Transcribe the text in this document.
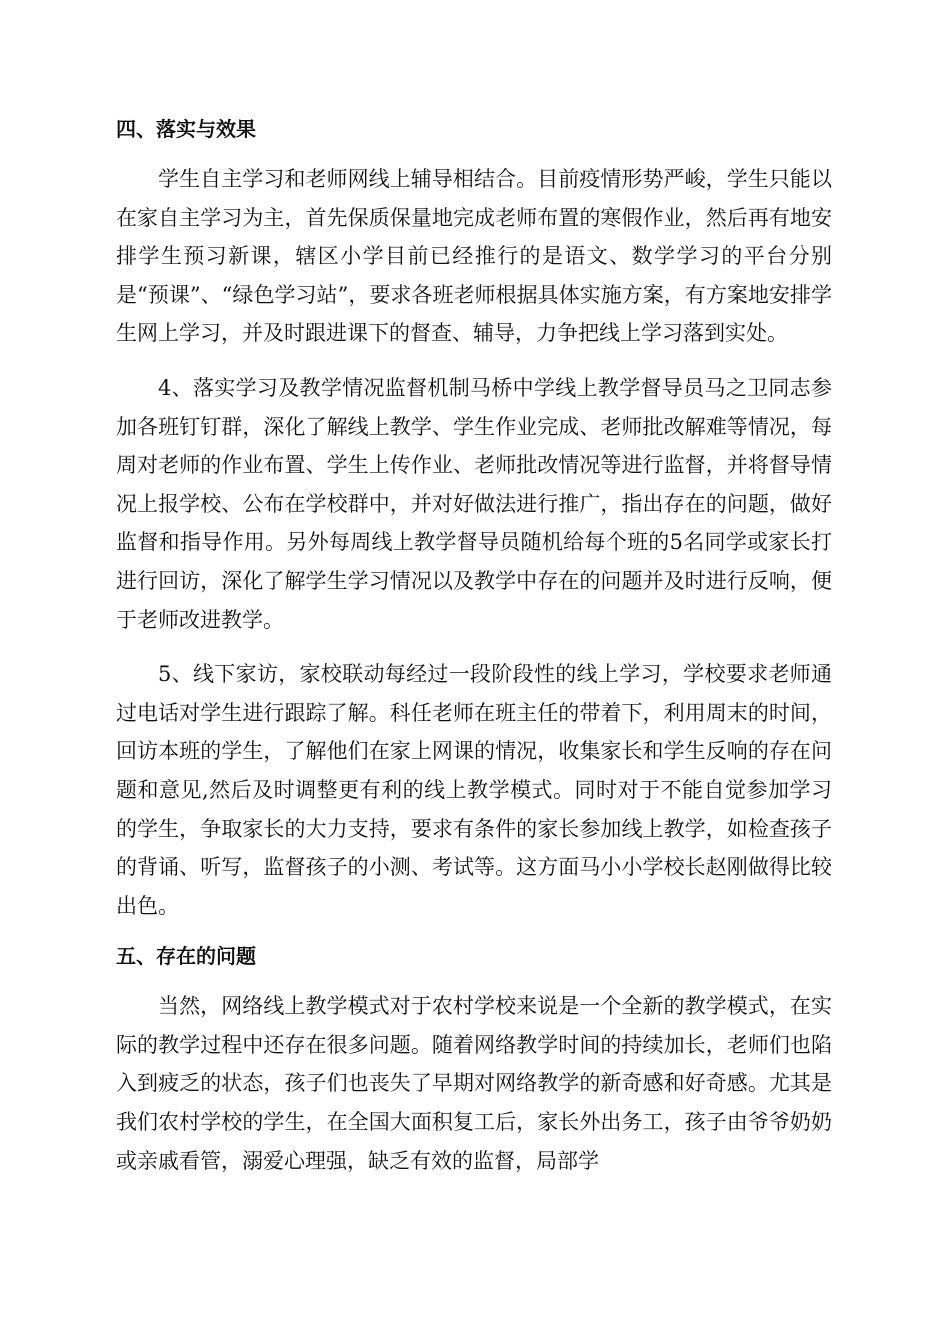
四、落实与效果

学生自主学习和老师网线上辅导相结合。目前疫情形势严峻，学生只能以在家自主学习为主，首先保质保量地完成老师布置的寒假作业，然后再有地安排学生预习新课，辖区小学目前已经推行的是语文、数学学习的平台分别是“预课”、“绿色学习站”，要求各班老师根据具体实施方案，有方案地安排学生网上学习，并及时跟进课下的督查、辅导，力争把线上学习落到实处。

4、落实学习及教学情况监督机制马桥中学线上教学督导员马之卫同志参加各班钉钉群，深化了解线上教学、学生作业完成、老师批改解难等情况，每周对老师的作业布置、学生上传作业、老师批改情况等进行监督，并将督导情况上报学校、公布在学校群中，并对好做法进行推广，指出存在的问题，做好监督和指导作用。另外每周线上教学督导员随机给每个班的5名同学或家长打进行回访，深化了解学生学习情况以及教学中存在的问题并及时进行反响，便于老师改进教学。

5、线下家访，家校联动每经过一段阶段性的线上学习，学校要求老师通过电话对学生进行跟踪了解。科任老师在班主任的带着下，利用周末的时间，回访本班的学生，了解他们在家上网课的情况，收集家长和学生反响的存在问题和意见,然后及时调整更有利的线上教学模式。同时对于不能自觉参加学习的学生，争取家长的大力支持，要求有条件的家长参加线上教学，如检查孩子的背诵、听写，监督孩子的小测、考试等。这方面马小小学校长赵刚做得比较出色。

五、存在的问题

当然，网络线上教学模式对于农村学校来说是一个全新的教学模式，在实际的教学过程中还存在很多问题。随着网络教学时间的持续加长，老师们也陷入到疲乏的状态，孩子们也丧失了早期对网络教学的新奇感和好奇感。尤其是我们农村学校的学生，在全国大面积复工后，家长外出务工，孩子由爷爷奶奶或亲戚看管，溺爱心理强，缺乏有效的监督，局部学
